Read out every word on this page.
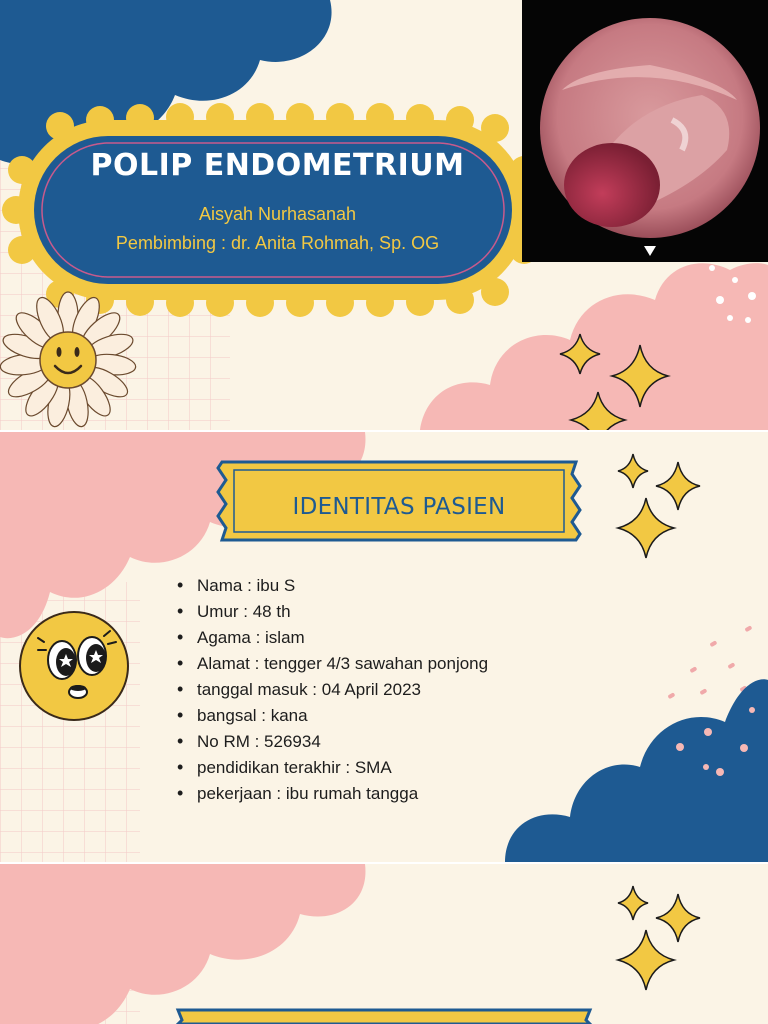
POLIP ENDOMETRIUM
Aisyah Nurhasanah
Pembimbing : dr. Anita Rohmah, Sp. OG
IDENTITAS PASIEN
• Nama : ibu S
• Umur : 48 th
• Agama : islam
• Alamat : tengger 4/3 sawahan ponjong
• tanggal masuk : 04 April 2023
• bangsal : kana
• No RM : 526934
• pendidikan terakhir : SMA
• pekerjaan : ibu rumah tangga
